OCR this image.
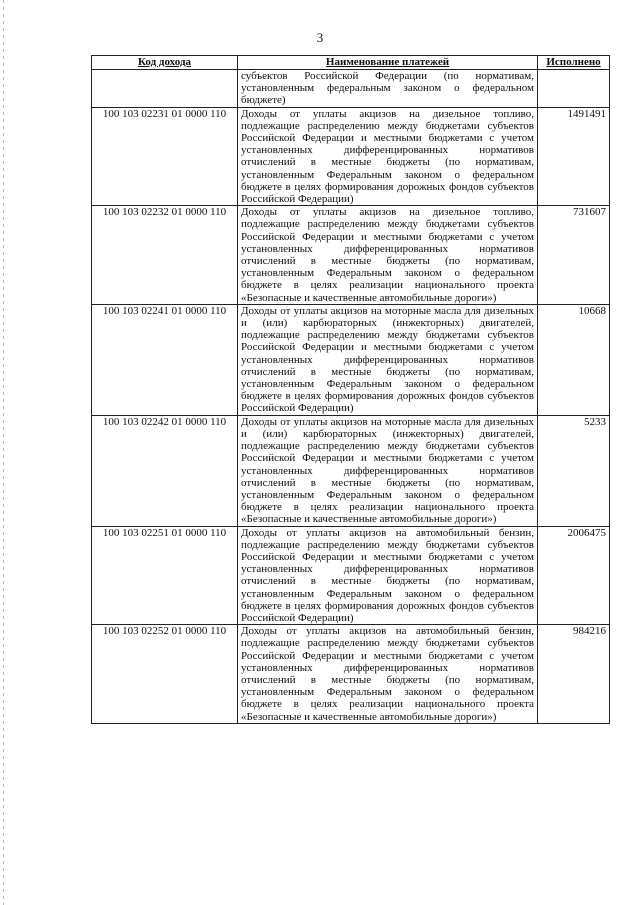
3
Код дохода	Наименование платежей	Исполнено
	субъектов Российской Федерации (по нормативам, установленным федеральным законом о федеральном бюджете)	
100 103 02231 01 0000 110	Доходы от уплаты акцизов на дизельное топливо, подлежащие распределению между бюджетами субъектов Российской Федерации и местными бюджетами с учетом установленных дифференцированных нормативов отчислений в местные бюджеты (по нормативам, установленным Федеральным законом о федеральном бюджете в целях формирования дорожных фондов субъектов Российской Федерации)	1491491
100 103 02232 01 0000 110	Доходы от уплаты акцизов на дизельное топливо, подлежащие распределению между бюджетами субъектов Российской Федерации и местными бюджетами с учетом установленных дифференцированных нормативов отчислений в местные бюджеты (по нормативам, установленным Федеральным законом о федеральном бюджете в целях реализации национального проекта «Безопасные и качественные автомобильные дороги»)	731607
100 103 02241 01 0000 110	Доходы от уплаты акцизов на моторные масла для дизельных и (или) карбюраторных (инжекторных) двигателей, подлежащие распределению между бюджетами субъектов Российской Федерации и местными бюджетами с учетом установленных дифференцированных нормативов отчислений в местные бюджеты (по нормативам, установленным Федеральным законом о федеральном бюджете в целях формирования дорожных фондов субъектов Российской Федерации)	10668
100 103 02242 01 0000 110	Доходы от уплаты акцизов на моторные масла для дизельных и (или) карбюраторных (инжекторных) двигателей, подлежащие распределению между бюджетами субъектов Российской Федерации и местными бюджетами с учетом установленных дифференцированных нормативов отчислений в местные бюджеты (по нормативам, установленным Федеральным законом о федеральном бюджете в целях реализации национального проекта «Безопасные и качественные автомобильные дороги»)	5233
100 103 02251 01 0000 110	Доходы от уплаты акцизов на автомобильный бензин, подлежащие распределению между бюджетами субъектов Российской Федерации и местными бюджетами с учетом установленных дифференцированных нормативов отчислений в местные бюджеты (по нормативам, установленным Федеральным законом о федеральном бюджете в целях формирования дорожных фондов субъектов Российской Федерации)	2006475
100 103 02252 01 0000 110	Доходы от уплаты акцизов на автомобильный бензин, подлежащие распределению между бюджетами субъектов Российской Федерации и местными бюджетами с учетом установленных дифференцированных нормативов отчислений в местные бюджеты (по нормативам, установленным Федеральным законом о федеральном бюджете в целях реализации национального проекта «Безопасные и качественные автомобильные дороги»)	984216
